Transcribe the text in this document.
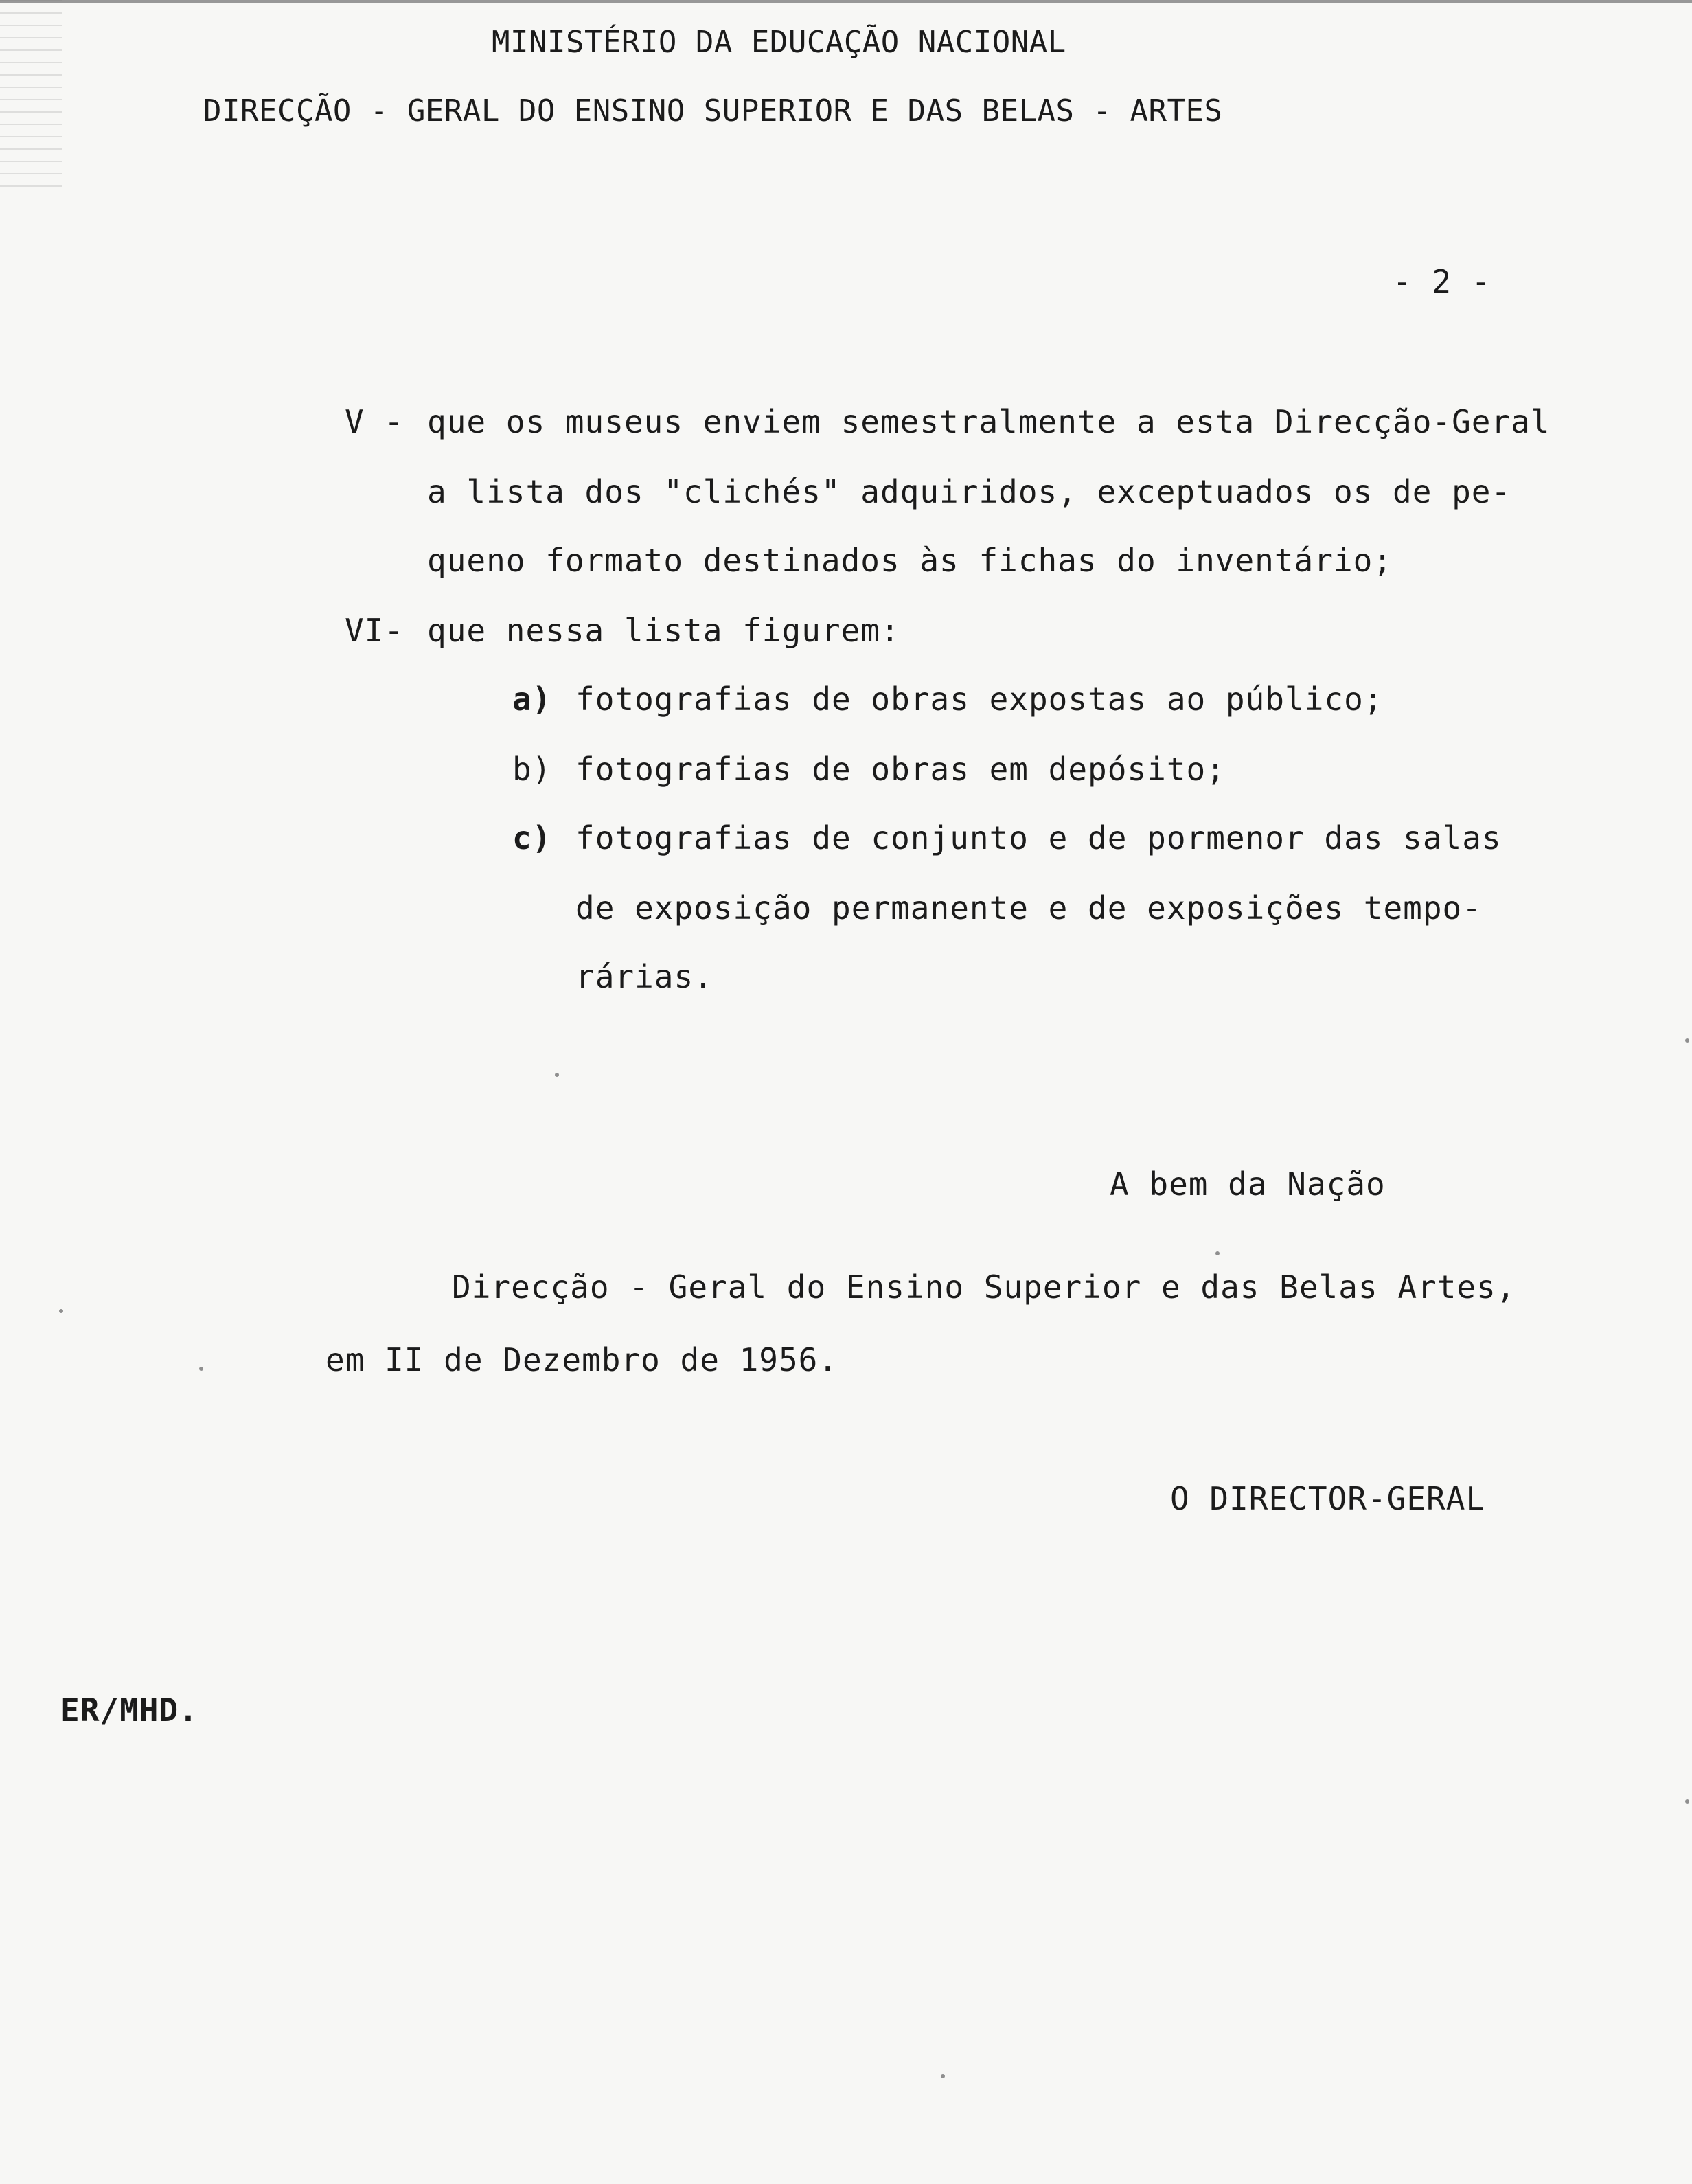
MINISTÉRIO DA EDUCAÇÃO NACIONAL
DIRECÇÃO - GERAL DO ENSINO SUPERIOR E DAS BELAS - ARTES
- 2 -
V - que os museus enviem semestralmente a esta Direcção-Geral
a lista dos "clichés" adquiridos, exceptuados os de pe-
queno formato destinados às fichas do inventário;
VI- que nessa lista figurem:
a) fotografias de obras expostas ao público;
b) fotografias de obras em depósito;
c) fotografias de conjunto e de pormenor das salas
de exposição permanente e de exposições tempo-
rárias.
A bem da Nação
Direcção - Geral do Ensino Superior e das Belas Artes,
em II de Dezembro de 1956.
O DIRECTOR-GERAL
ER/MHD.
